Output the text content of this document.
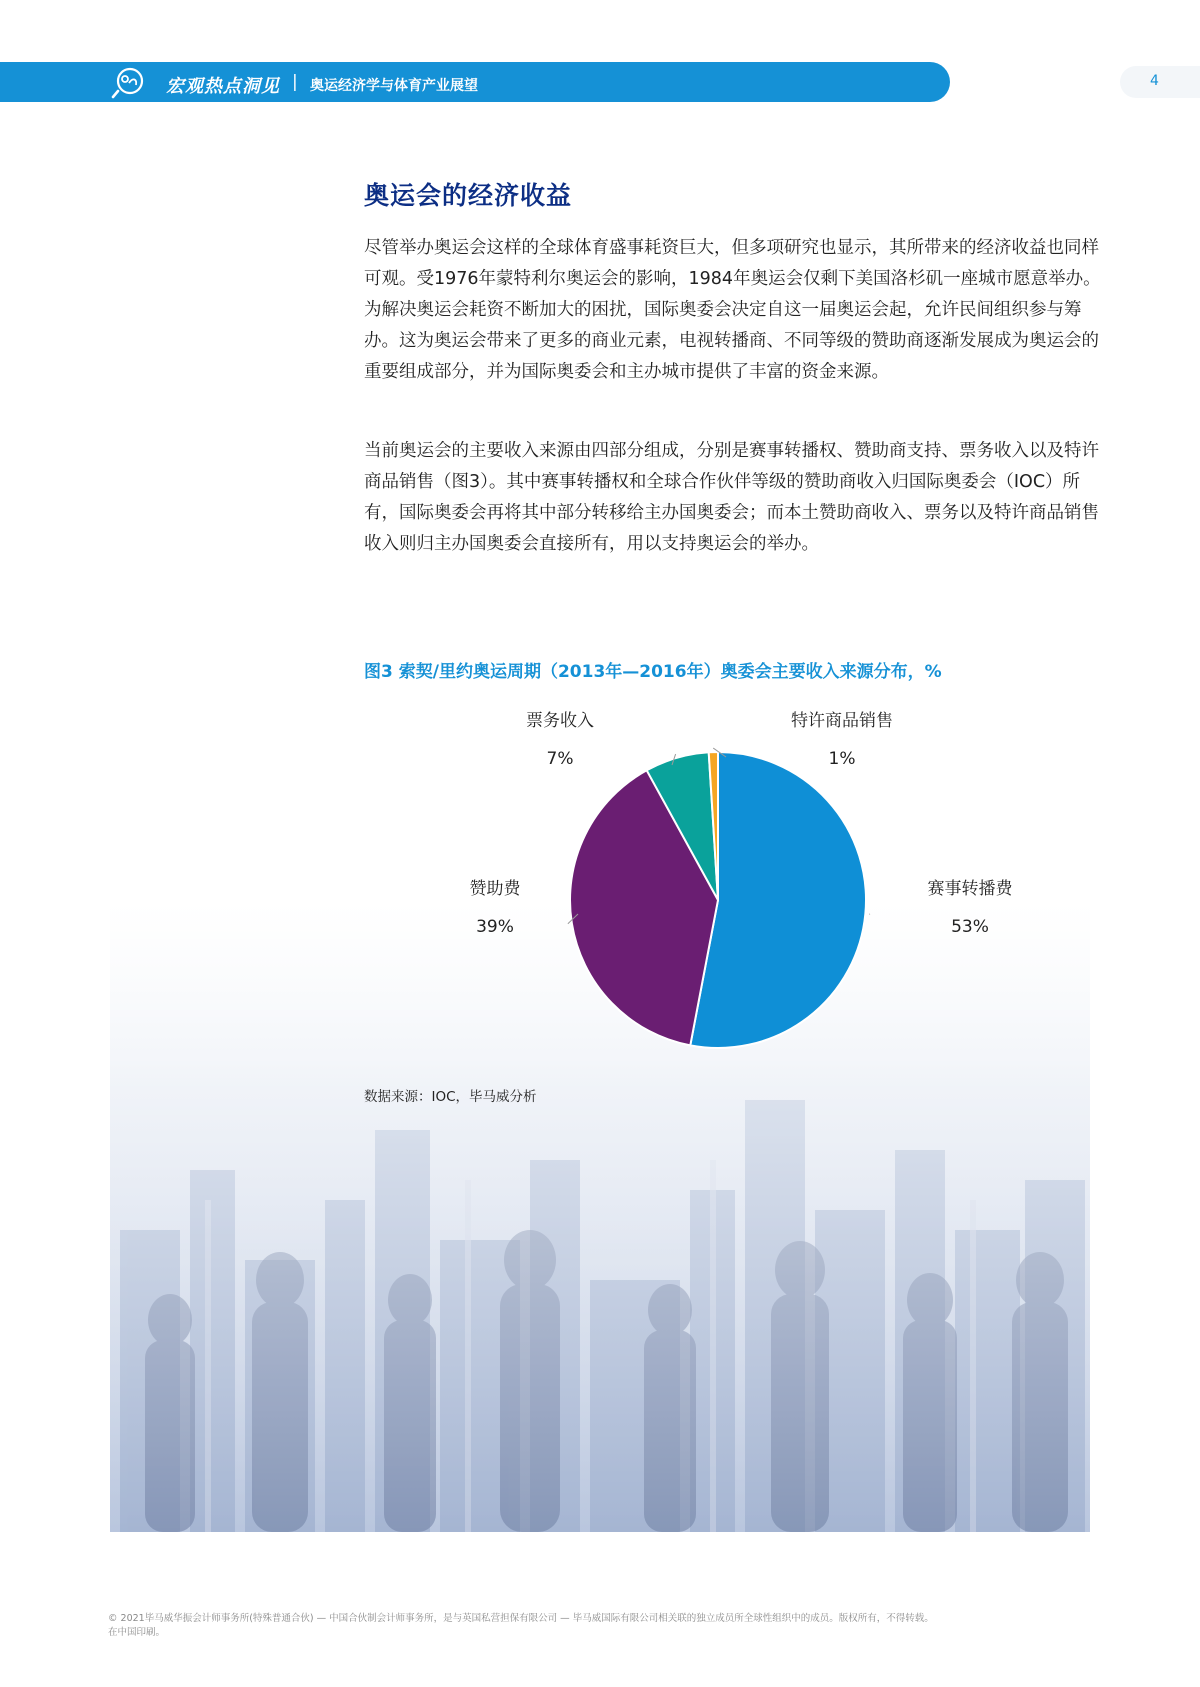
宏观热点洞见 | 奥运经济学与体育产业展望	4
奥运会的经济收益

尽管举办奥运会这样的全球体育盛事耗资巨大，但多项研究也显示，其所带来的经济收益也同样可观。受1976年蒙特利尔奥运会的影响，1984年奥运会仅剩下美国洛杉矶一座城市愿意举办。为解决奥运会耗资不断加大的困扰，国际奥委会决定自这一届奥运会起，允许民间组织参与筹办。这为奥运会带来了更多的商业元素，电视转播商、不同等级的赞助商逐渐发展成为奥运会的重要组成部分，并为国际奥委会和主办城市提供了丰富的资金来源。

当前奥运会的主要收入来源由四部分组成，分别是赛事转播权、赞助商支持、票务收入以及特许商品销售（图3）。其中赛事转播权和全球合作伙伴等级的赞助商收入归国际奥委会（IOC）所有，国际奥委会再将其中部分转移给主办国奥委会；而本土赞助商收入、票务以及特许商品销售收入则归主办国奥委会直接所有，用以支持奥运会的举办。

图3 索契/里约奥运周期（2013年—2016年）奥委会主要收入来源分布，%

赛事转播费
53%
赞助费
39%
票务收入
7%
特许商品销售
1%

数据来源：IOC，毕马威分析

© 2021毕马威华振会计师事务所(特殊普通合伙) — 中国合伙制会计师事务所，是与英国私营担保有限公司 — 毕马威国际有限公司相关联的独立成员所全球性组织中的成员。版权所有，不得转载。
在中国印刷。
